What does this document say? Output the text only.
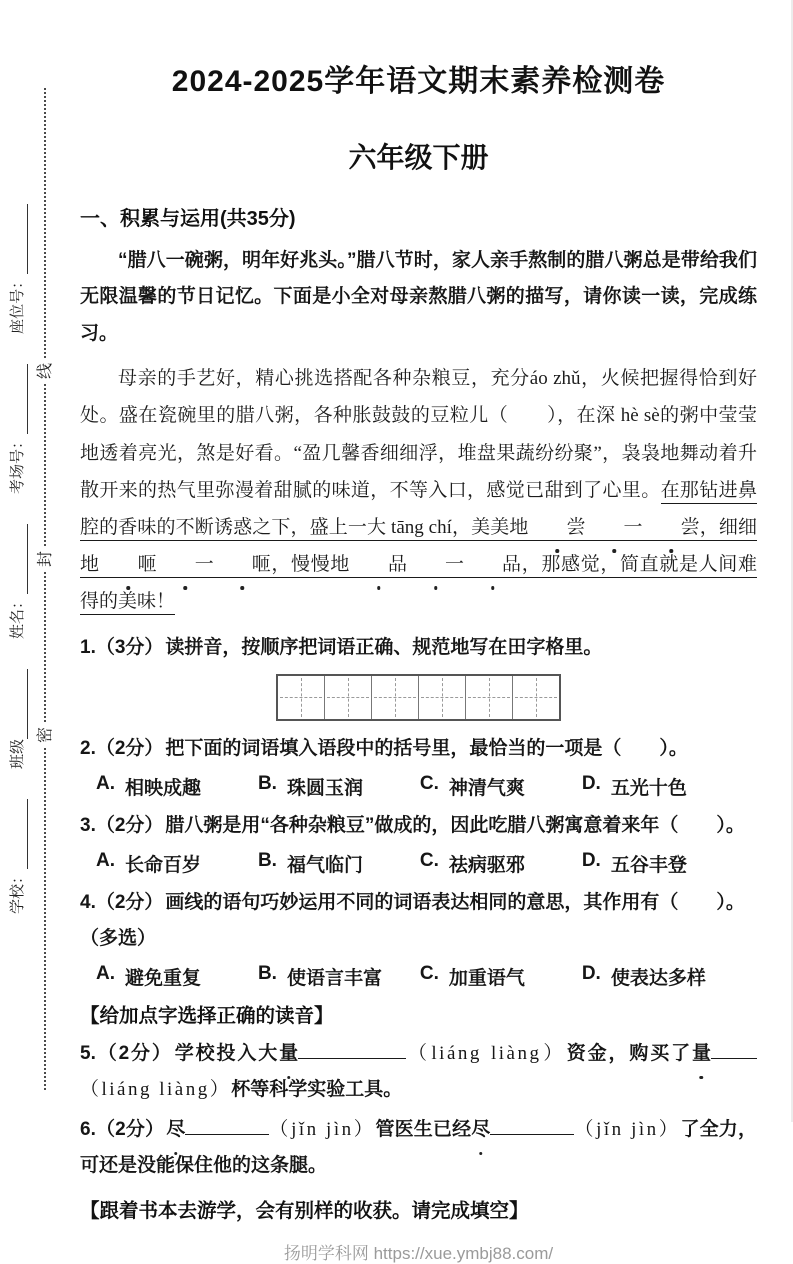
学校：
班级
姓名：
考场号：
座位号：
线
封
密
2024-2025学年语文期末素养检测卷
六年级下册
一、积累与运用(共35分)

“腊八一碗粥，明年好兆头。”腊八节时，家人亲手熬制的腊八粥总是带给我们无限温馨的节日记忆。下面是小全对母亲熬腊八粥的描写，请你读一读，完成练习。

母亲的手艺好，精心挑选搭配各种杂粮豆，充分áo zhǔ，火候把握得恰到好处。盛在瓷碗里的腊八粥，各种胀鼓鼓的豆粒儿（　　），在深 hè sè的粥中莹莹地透着亮光，煞是好看。“盈几馨香细细浮，堆盘果蔬纷纷聚”，袅袅地舞动着升散开来的热气里弥漫着甜腻的味道，不等入口，感觉已甜到了心里。在那钻进鼻腔的香味的不断诱惑之下，盛上一大 tāng chí，美美地 尝 一 尝，细细地 咂 一 咂，慢慢地 品 一 品，那感觉，简直就是人间难得的美味！

1.（3分） 读拼音，按顺序把词语正确、规范地写在田字格里。
2.（2分） 把下面的词语填入语段中的括号里，最恰当的一项是（　　）。
A. 相映成趣	B. 珠圆玉润	C. 神清气爽	D. 五光十色
3.（2分） 腊八粥是用“各种杂粮豆”做成的，因此吃腊八粥寓意着来年（　　）。
A. 长命百岁	B. 福气临门	C. 祛病驱邪	D. 五谷丰登
4.（2分） 画线的语句巧妙运用不同的词语表达相同的意思，其作用有（　　）。
（多选）
A. 避免重复	B. 使语言丰富 C. 加重语气	D. 使表达多样
【给加点字选择正确的读音】
5.（2分） 学校投入大量	（liáng liàng）资金，购买了量（liáng liàng）杯等科学实验工具。
6.（2分） 尽	（jǐn jìn）管医生已经尽	（jǐn jìn）了全力，可还是没能保住他的这条腿。
【跟着书本去游学，会有别样的收获。请完成填空】
扬明学科网 https://xue.ymbj88.com/
